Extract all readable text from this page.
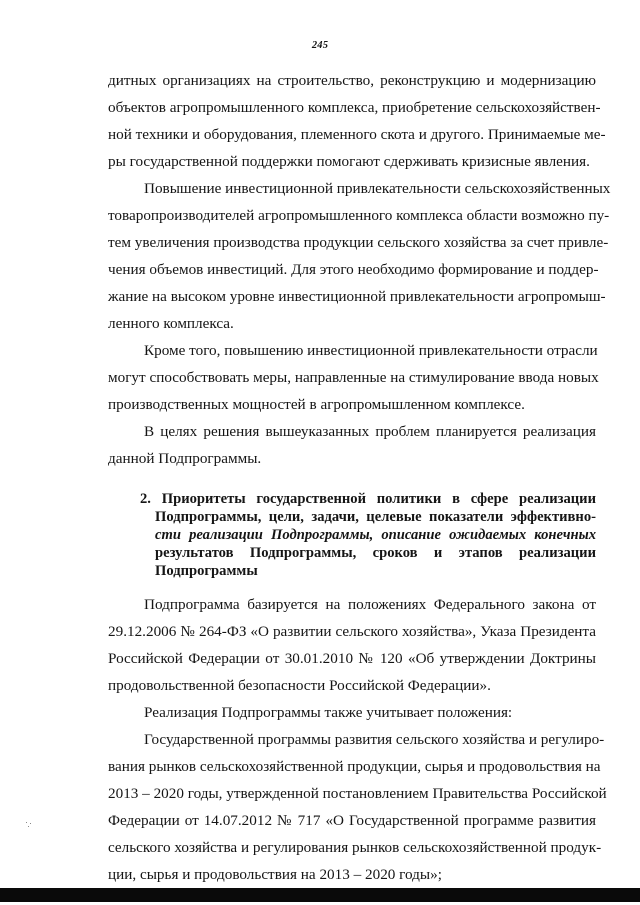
245
дитных организациях на строительство, реконструкцию и модернизацию
объектов агропромышленного комплекса, приобретение сельскохозяйствен-
ной техники и оборудования, племенного скота и другого. Принимаемые ме-
ры государственной поддержки помогают сдерживать кризисные явления.
Повышение инвестиционной привлекательности сельскохозяйственных
товаропроизводителей агропромышленного комплекса области возможно пу-
тем увеличения производства продукции сельского хозяйства за счет привле-
чения объемов инвестиций. Для этого необходимо формирование и поддер-
жание на высоком уровне инвестиционной привлекательности агропромыш-
ленного комплекса.
Кроме того, повышению инвестиционной привлекательности отрасли
могут способствовать меры, направленные на стимулирование ввода новых
производственных мощностей в агропромышленном комплексе.
В целях решения вышеуказанных проблем планируется реализация
данной Подпрограммы.
2. Приоритеты государственной политики в сфере реализации
Подпрограммы, цели, задачи, целевые показатели эффективно-
сти реализации Подпрограммы, описание ожидаемых конечных
результатов Подпрограммы, сроков и этапов реализации
Подпрограммы
Подпрограмма базируется на положениях Федерального закона от
29.12.2006 № 264-ФЗ «О развитии сельского хозяйства», Указа Президента
Российской Федерации от 30.01.2010 № 120 «Об утверждении Доктрины
продовольственной безопасности Российской Федерации».
Реализация Подпрограммы также учитывает положения:
Государственной программы развития сельского хозяйства и регулиро-
вания рынков сельскохозяйственной продукции, сырья и продовольствия на
2013 – 2020 годы, утвержденной постановлением Правительства Российской
Федерации от 14.07.2012 № 717 «О Государственной программе развития
сельского хозяйства и регулирования рынков сельскохозяйственной продук-
ции, сырья и продовольствия на 2013 – 2020 годы»;
